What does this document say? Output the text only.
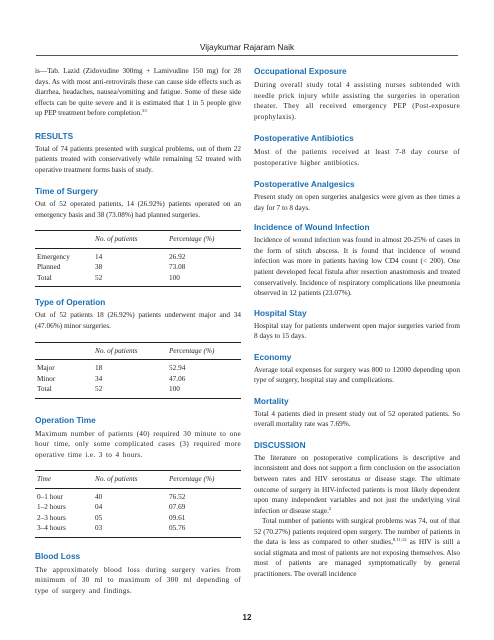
Vijaykumar Rajaram Naik

is—Tab. Lazid (Zidovudine 300mg + Lamivudine 150 mg) for 28 days. As with most anti-retrovirals these can cause side effects such as diarrhea, headaches, nausea/vomiting and fatigue. Some of these side effects can be quite severe and it is estimated that 1 in 5 people give up PEP treatment before completion.$^{33}$

RESULTS

Total of 74 patients presented with surgical problems, out of them 22 patients treated with conservatively while remaining 52 treated with operative treatment forms basis of study.

Time of Surgery

Out of 52 operated patients, 14 (26.92%) patients operated on an emergency basis and 38 (73.08%) had planned surgeries.

	No. of patients	Percentage (%)
Emergency	14	26.92
Planned	38	73.08
Total	52	100
Type of Operation

Out of 52 patients 18 (26.92%) patients underwent major and 34 (47.06%) minor surgeries.

	No. of patients	Percentage (%)
Major	18	52.94
Minor	34	47.06
Total	52	100
Operation Time

Maximum number of patients (40) required 30 minute to one hour time, only some complicated cases (3) required more operative time i.e. 3 to 4 hours.

Time	No. of patients	Percentage (%)
0–1 hour	40	76.52
1–2 hours	04	07.69
2–3 hours	05	09.61
3–4 hours	03	05.76
Blood Loss

The approximately blood loss during surgery varies from minimum of 30 ml to maximum of 300 ml depending of type of surgery and findings.

Occupational Exposure

During overall study total 4 assisting nurses subtended with needle prick injury while assisting the surgeries in operation theater. They all received emergency PEP (Post-exposure prophylaxis).

Postoperative Antibiotics

Most of the patients received at least 7-8 day course of postoperative higher antibiotics.

Postoperative Analgesics

Present study on open surgeries analgesics were given as thee times a day for 7 to 8 days.

Incidence of Wound Infection

Incidence of wound infection was found in almost 20-25% of cases in the form of stitch abscess. It is found that incidence of wound infection was more in patients having low CD4 count (< 200). One patient developed fecal fistula after resection anastomosis and treated conservatively. Incidence of respiratory complications like pneumonia observed in 12 patients (23.07%).

Hospital Stay

Hospital stay for patients underwent open major surgeries varied from 8 days to 15 days.

Economy

Average total expenses for surgery was 800 to 12000 depending upon type of surgery, hospital stay and complications.

Mortality

Total 4 patients died in present study out of 52 operated patients. So overall mortality rate was 7.69%.

DISCUSSION

The literature on postoperative complications is descriptive and inconsistent and does not support a firm conclusion on the association between rates and HIV serostatus or disease stage. The ultimate outcome of surgery in HIV-infected patients is most likely dependent upon many independent variables and not just the underlying viral infection or disease stage.$^2$

Total number of patients with surgical problems was 74, out of that 52 (70.27%) patients required open surgery. The number of patients in the data is less as compared to other studies,$^{8,11,12}$ as HIV is still a social stigmata and most of patients are not exposing themselves. Also most of patients are managed symptomatically by general practitioners. The overall incidence

12
